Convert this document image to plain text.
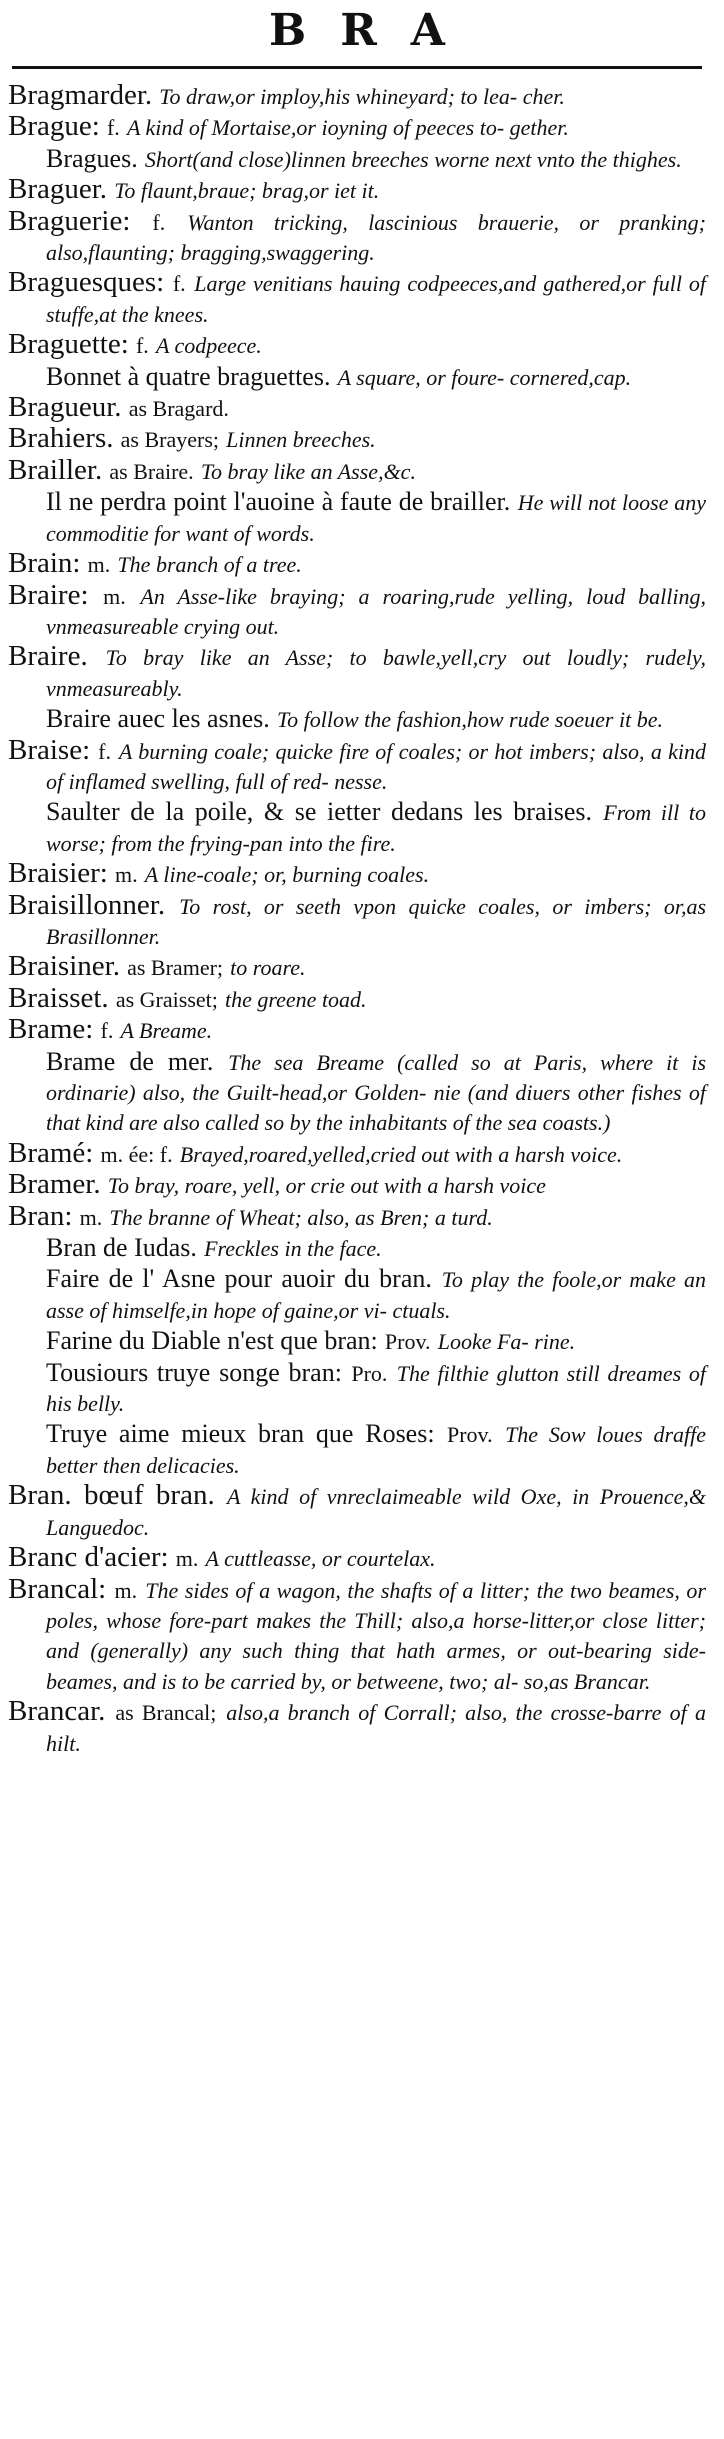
BRA

Bragmarder. To draw,or imploy,his whineyard; to lea- cher.

Brague: f. A kind of Mortaise,or ioyning of peeces to- gether.

Bragues. Short(and close)linnen breeches worne next vnto the thighes.

Braguer. To flaunt,braue; brag,or iet it.

Braguerie: f. Wanton tricking, lascinious brauerie, or pranking; also,flaunting; bragging,swaggering.

Braguesques: f. Large venitians hauing codpeeces,and gathered,or full of stuffe,at the knees.

Braguette: f. A codpeece.

Bonnet à quatre braguettes. A square, or foure- cornered,cap.

Bragueur. as Bragard.

Brahiers. as Brayers; Linnen breeches.

Brailler. as Braire. To bray like an Asse,&c.

Il ne perdra point l'auoine à faute de brailler. He will not loose any commoditie for want of words.

Brain: m. The branch of a tree.

Braire: m. An Asse-like braying; a roaring,rude yelling, loud balling, vnmeasureable crying out.

Braire. To bray like an Asse; to bawle,yell,cry out loudly; rudely, vnmeasureably.

Braire auec les asnes. To follow the fashion,how rude soeuer it be.

Braise: f. A burning coale; quicke fire of coales; or hot imbers; also, a kind of inflamed swelling, full of red- nesse.

Saulter de la poile, & se ietter dedans les braises. From ill to worse; from the frying-pan into the fire.

Braisier: m. A line-coale; or, burning coales.

Braisillonner. To rost, or seeth vpon quicke coales, or imbers; or,as Brasillonner.

Braisiner. as Bramer; to roare.

Braisset. as Graisset; the greene toad.

Brame: f. A Breame.

Brame de mer. The sea Breame (called so at Paris, where it is ordinarie) also, the Guilt-head,or Golden- nie (and diuers other fishes of that kind are also called so by the inhabitants of the sea coasts.)

Bramé: m. ée: f. Brayed,roared,yelled,cried out with a harsh voice.

Bramer. To bray, roare, yell, or crie out with a harsh voice

Bran: m. The branne of Wheat; also, as Bren; a turd.

Bran de Iudas. Freckles in the face.

Faire de l' Asne pour auoir du bran. To play the foole,or make an asse of himselfe,in hope of gaine,or vi- ctuals.

Farine du Diable n'est que bran: Prov. Looke Fa- rine.

Tousiours truye songe bran: Pro. The filthie glutton still dreames of his belly.

Truye aime mieux bran que Roses: Prov. The Sow loues draffe better then delicacies.

Bran. bœuf bran. A kind of vnreclaimeable wild Oxe, in Prouence,& Languedoc.

Branc d'acier: m. A cuttleasse, or courtelax.

Brancal: m. The sides of a wagon, the shafts of a litter; the two beames, or poles, whose fore-part makes the Thill; also,a horse-litter,or close litter; and (generally) any such thing that hath armes, or out-bearing side- beames, and is to be carried by, or betweene, two; al- so,as Brancar.

Brancar. as Brancal; also,a branch of Corrall; also, the crosse-barre of a hilt.
